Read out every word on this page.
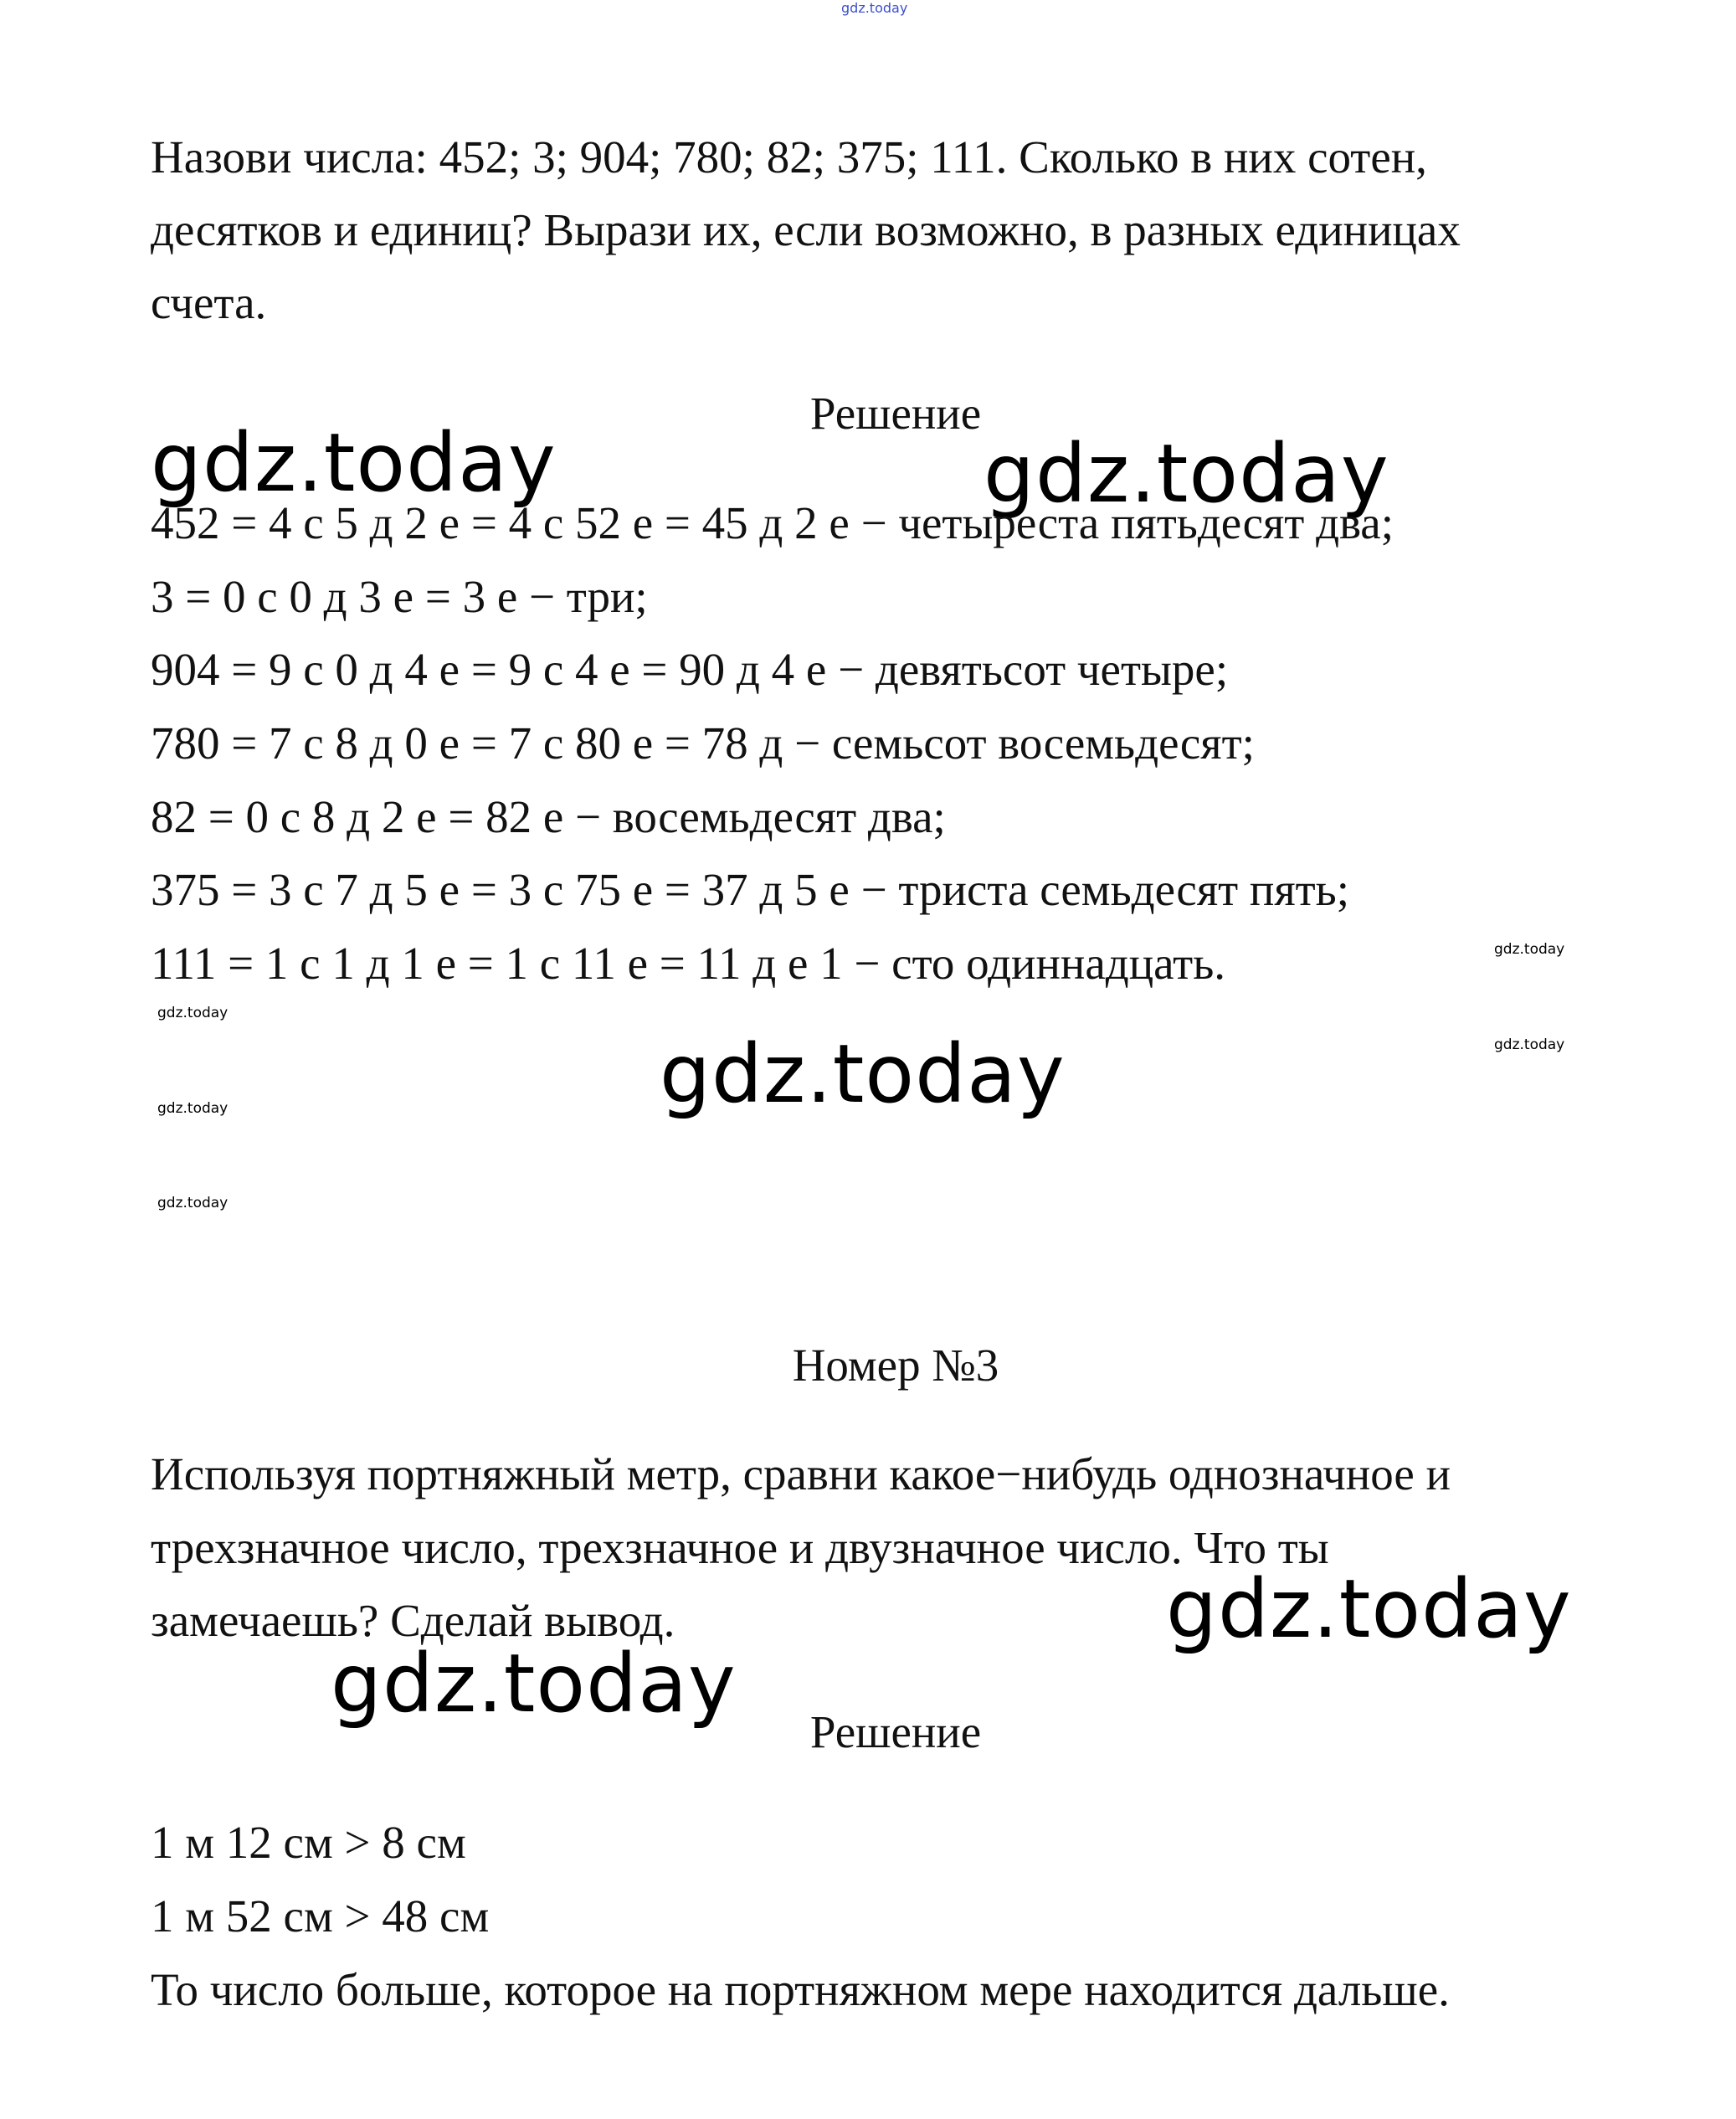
gdz.today
Назови числа: 452; 3; 904; 780; 82; 375; 111. Сколько в них сотен,
десятков и единиц? Вырази их, если возможно, в разных единицах
счета.
Решение
gdz.today	gdz.today
452 = 4 с 5 д 2 е = 4 с 52 е = 45 д 2 е − четыреста пятьдесят два;
3 = 0 с 0 д 3 е = 3 е − три;
904 = 9 с 0 д 4 е = 9 с 4 е = 90 д 4 е − девятьсот четыре;
780 = 7 с 8 д 0 е = 7 с 80 е = 78 д − семьсот восемьдесят;
82 = 0 с 8 д 2 е = 82 е − восемьдесят два;
375 = 3 с 7 д 5 е = 3 с 75 е = 37 д 5 е − триста семьдесят пять;
111 = 1 с 1 д 1 е = 1 с 11 е = 11 д е 1 − сто одиннадцать.	gdz.today
gdz.today
gdz.today
gdz.today
gdz.today
gdz.today
Номер №3
Используя портняжный метр, сравни какое−нибудь однозначное и
трехзначное число, трехзначное и двузначное число. Что ты
замечаешь? Сделай вывод.	gdz.today
gdz.today
Решение
1 м 12 см > 8 см
1 м 52 см > 48 см
То число больше, которое на портняжном мере находится дальше.
